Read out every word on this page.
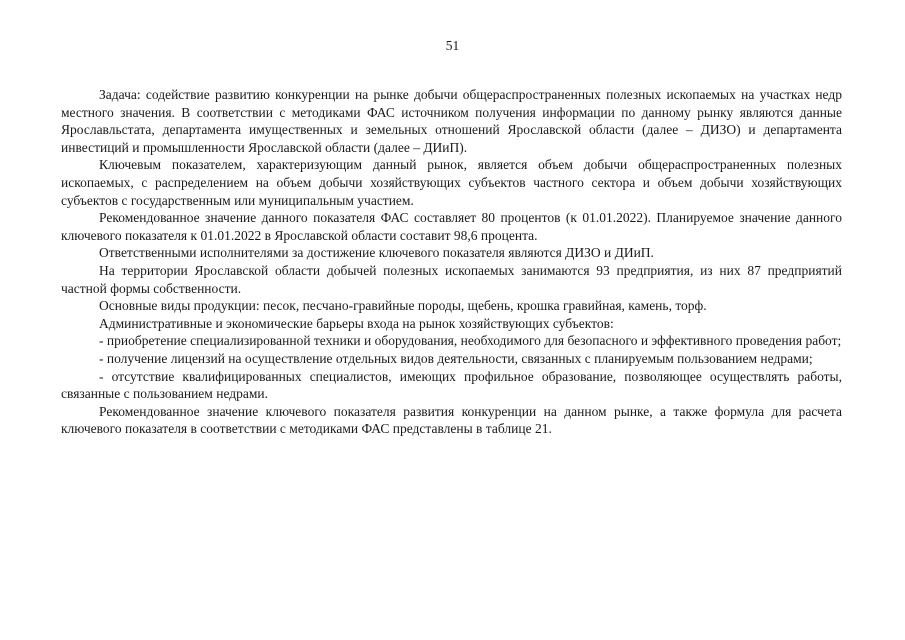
51

Задача: содействие развитию конкуренции на рынке добычи общераспространенных полезных ископаемых на участках недр местного значения. В соответствии с методиками ФАС источником получения информации по данному рынку являются данные Ярославльстата, департамента имущественных и земельных отношений Ярославской области (далее – ДИЗО) и департамента инвестиций и промышленности Ярославской области (далее – ДИиП).

Ключевым показателем, характеризующим данный рынок, является объем добычи общераспространенных полезных ископаемых, с распределением на объем добычи хозяйствующих субъектов частного сектора и объем добычи хозяйствующих субъектов с государственным или муниципальным участием.

Рекомендованное значение данного показателя ФАС составляет 80 процентов (к 01.01.2022). Планируемое значение данного ключевого показателя к 01.01.2022 в Ярославской области составит 98,6 процента.

Ответственными исполнителями за достижение ключевого показателя являются ДИЗО и ДИиП.

На территории Ярославской области добычей полезных ископаемых занимаются 93 предприятия, из них 87 предприятий частной формы собственности.

Основные виды продукции: песок, песчано-гравийные породы, щебень, крошка гравийная, камень, торф.

Административные и экономические барьеры входа на рынок хозяйствующих субъектов:

- приобретение специализированной техники и оборудования, необходимого для безопасного и эффективного проведения работ;

- получение лицензий на осуществление отдельных видов деятельности, связанных с планируемым пользованием недрами;

- отсутствие квалифицированных специалистов, имеющих профильное образование, позволяющее осуществлять работы, связанные с пользованием недрами.

Рекомендованное значение ключевого показателя развития конкуренции на данном рынке, а также формула для расчета ключевого показателя в соответствии с методиками ФАС представлены в таблице 21.
